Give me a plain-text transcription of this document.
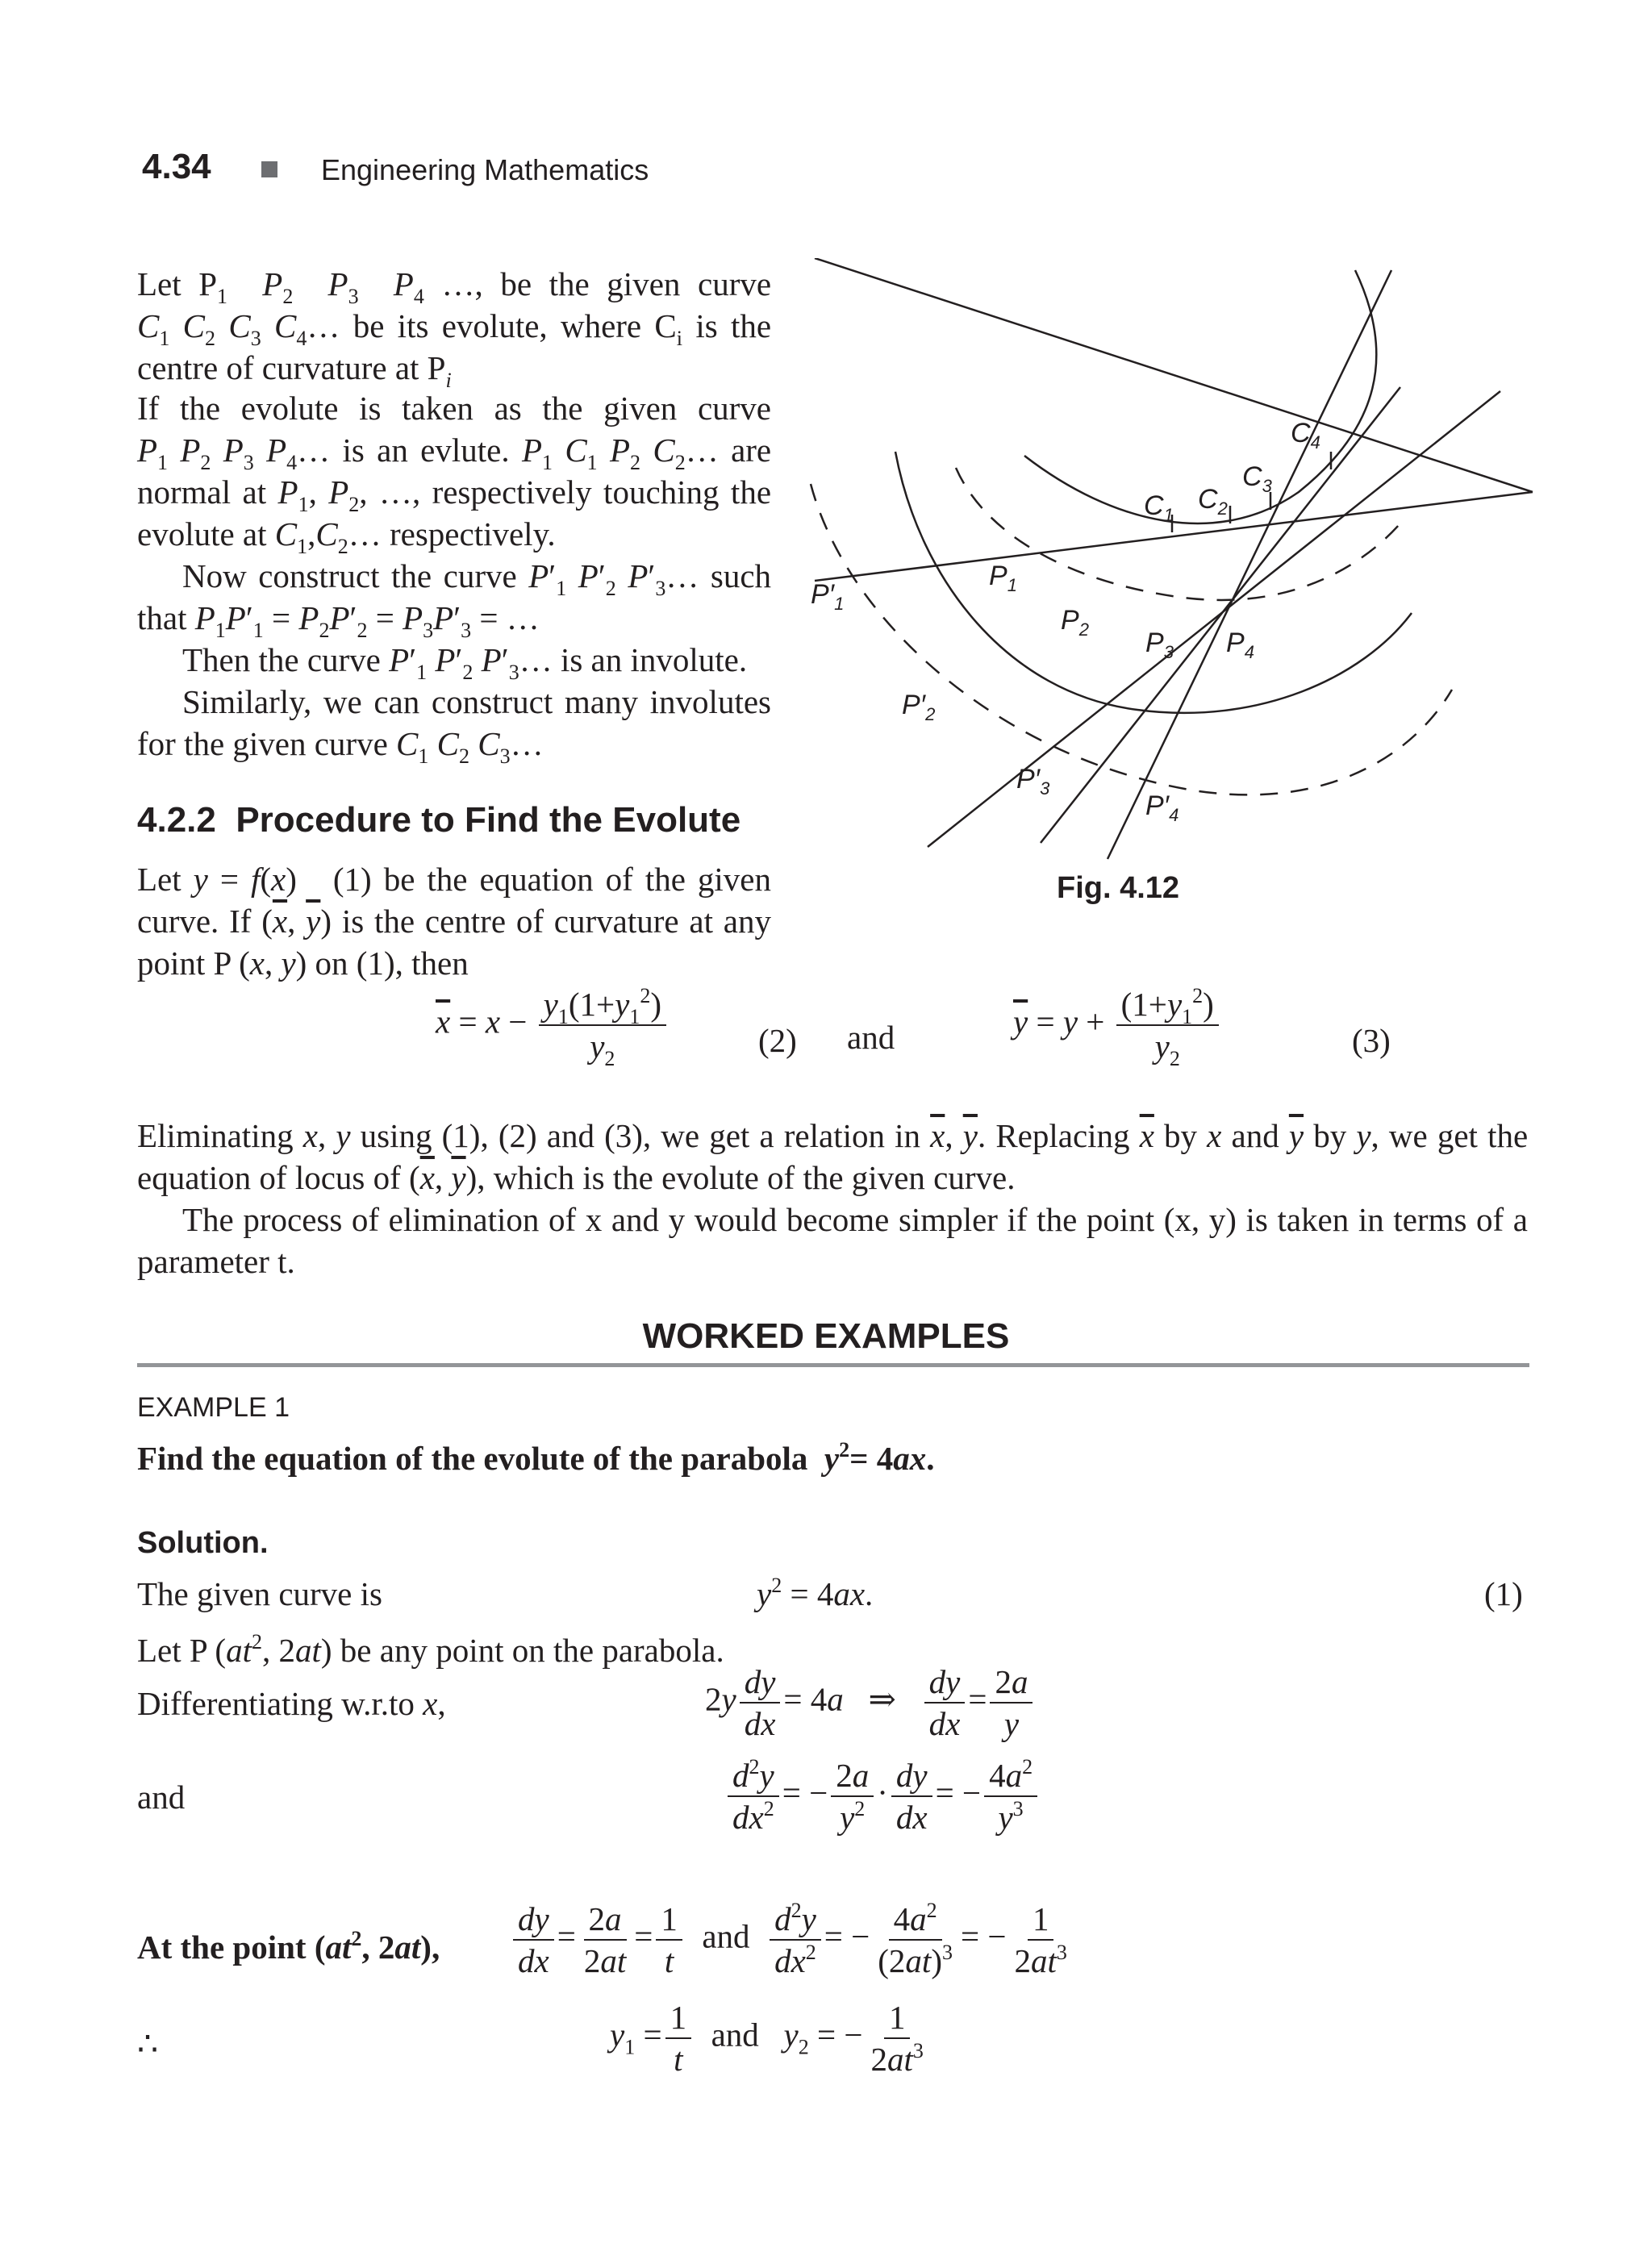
4.34	Engineering Mathematics
Let $P_1$ $P_2$ $P_3$ $P_4$ …, be the given curve $C_1$ $C_2$ $C_3$ $C_4\dots$ be its evolute, where $C_i$ is the centre of curvature at $P_i$
If the evolute is taken as the given curve $P_1$ $P_2$ $P_3$ $P_4\dots$ is an evlute. $P_1$ $C_1$ $P_2$ $C_2\dots$ are normal at $P_1$, $P_2$, …, respectively touching the evolute at $C_1,C_2\dots$ respectively.
Now construct the curve $P'_1$ $P'_2$ $P'_3\dots$ such that $P_1P'_1 = P_2P'_2 = P_3P'_3$ = …
Then the curve $P'_1$ $P'_2$ $P'_3\dots$ is an involute.
Similarly, we can construct many involutes for the given curve $C_1$ $C_2$ $C_3\dots$
$C_4$
$C_3$
$C_2$
$C_1$
$P_1$
$P_2$ $P_3$ $P_4$
$P'_1$
$P'_2$
$P'_3$
$P'_4$
Fig. 4.12
4.2.2 Procedure to Find the Evolute
Let y = f(x)   (1) be the equation of the given curve. If ($\overline{x}$, $\overline{y}$) is the centre of curvature at any point P (x, y) on (1), then
$\overline{x} = x - \frac{y_1(1+y_1^2)}{y_2}$	(2) and	$\overline{y} = y + \frac{(1+y_1^2)}{y_2}$	(3)
Eliminating x, y using (1), (2) and (3), we get a relation in $\overline{x}$, $\overline{y}$. Replacing $\overline{x}$ by x and $\overline{y}$ by y, we get the equation of locus of ($\overline{x}$, $\overline{y}$), which is the evolute of the given curve.
The process of elimination of x and y would become simpler if the point (x, y) is taken in terms of a parameter t.
WORKED EXAMPLES
EXAMPLE 1
Find the equation of the evolute of the parabola $y^2= 4ax$.
Solution.
The given curve is	$y^2 = 4ax$.	(1)
Let P ($at^2$, 2at) be any point on the parabola.
Differentiating w.r.to x,	$2y \frac{dy}{dx} = 4a$   ⇒ $\frac{dy}{dx} = \frac{2a}{y}$
and	$\frac{d^2y}{dx^2}$ = − $\frac{2a}{y^2} \cdot \frac{dy}{dx}$ = − $\frac{4a^2}{y^3}$
At the point ($at^2$, 2at), $\frac{dy}{dx} = \frac{2a}{2at} = \frac{1}{t}$ and $\frac{d^2y}{dx^2}$ = − $\frac{4a^2}{(2at)^3}$ = − $\frac{1}{2at^3}$
∴	$y_1 = \frac{1}{t}$ and $y_2$ = − $\frac{1}{2at^3}$
